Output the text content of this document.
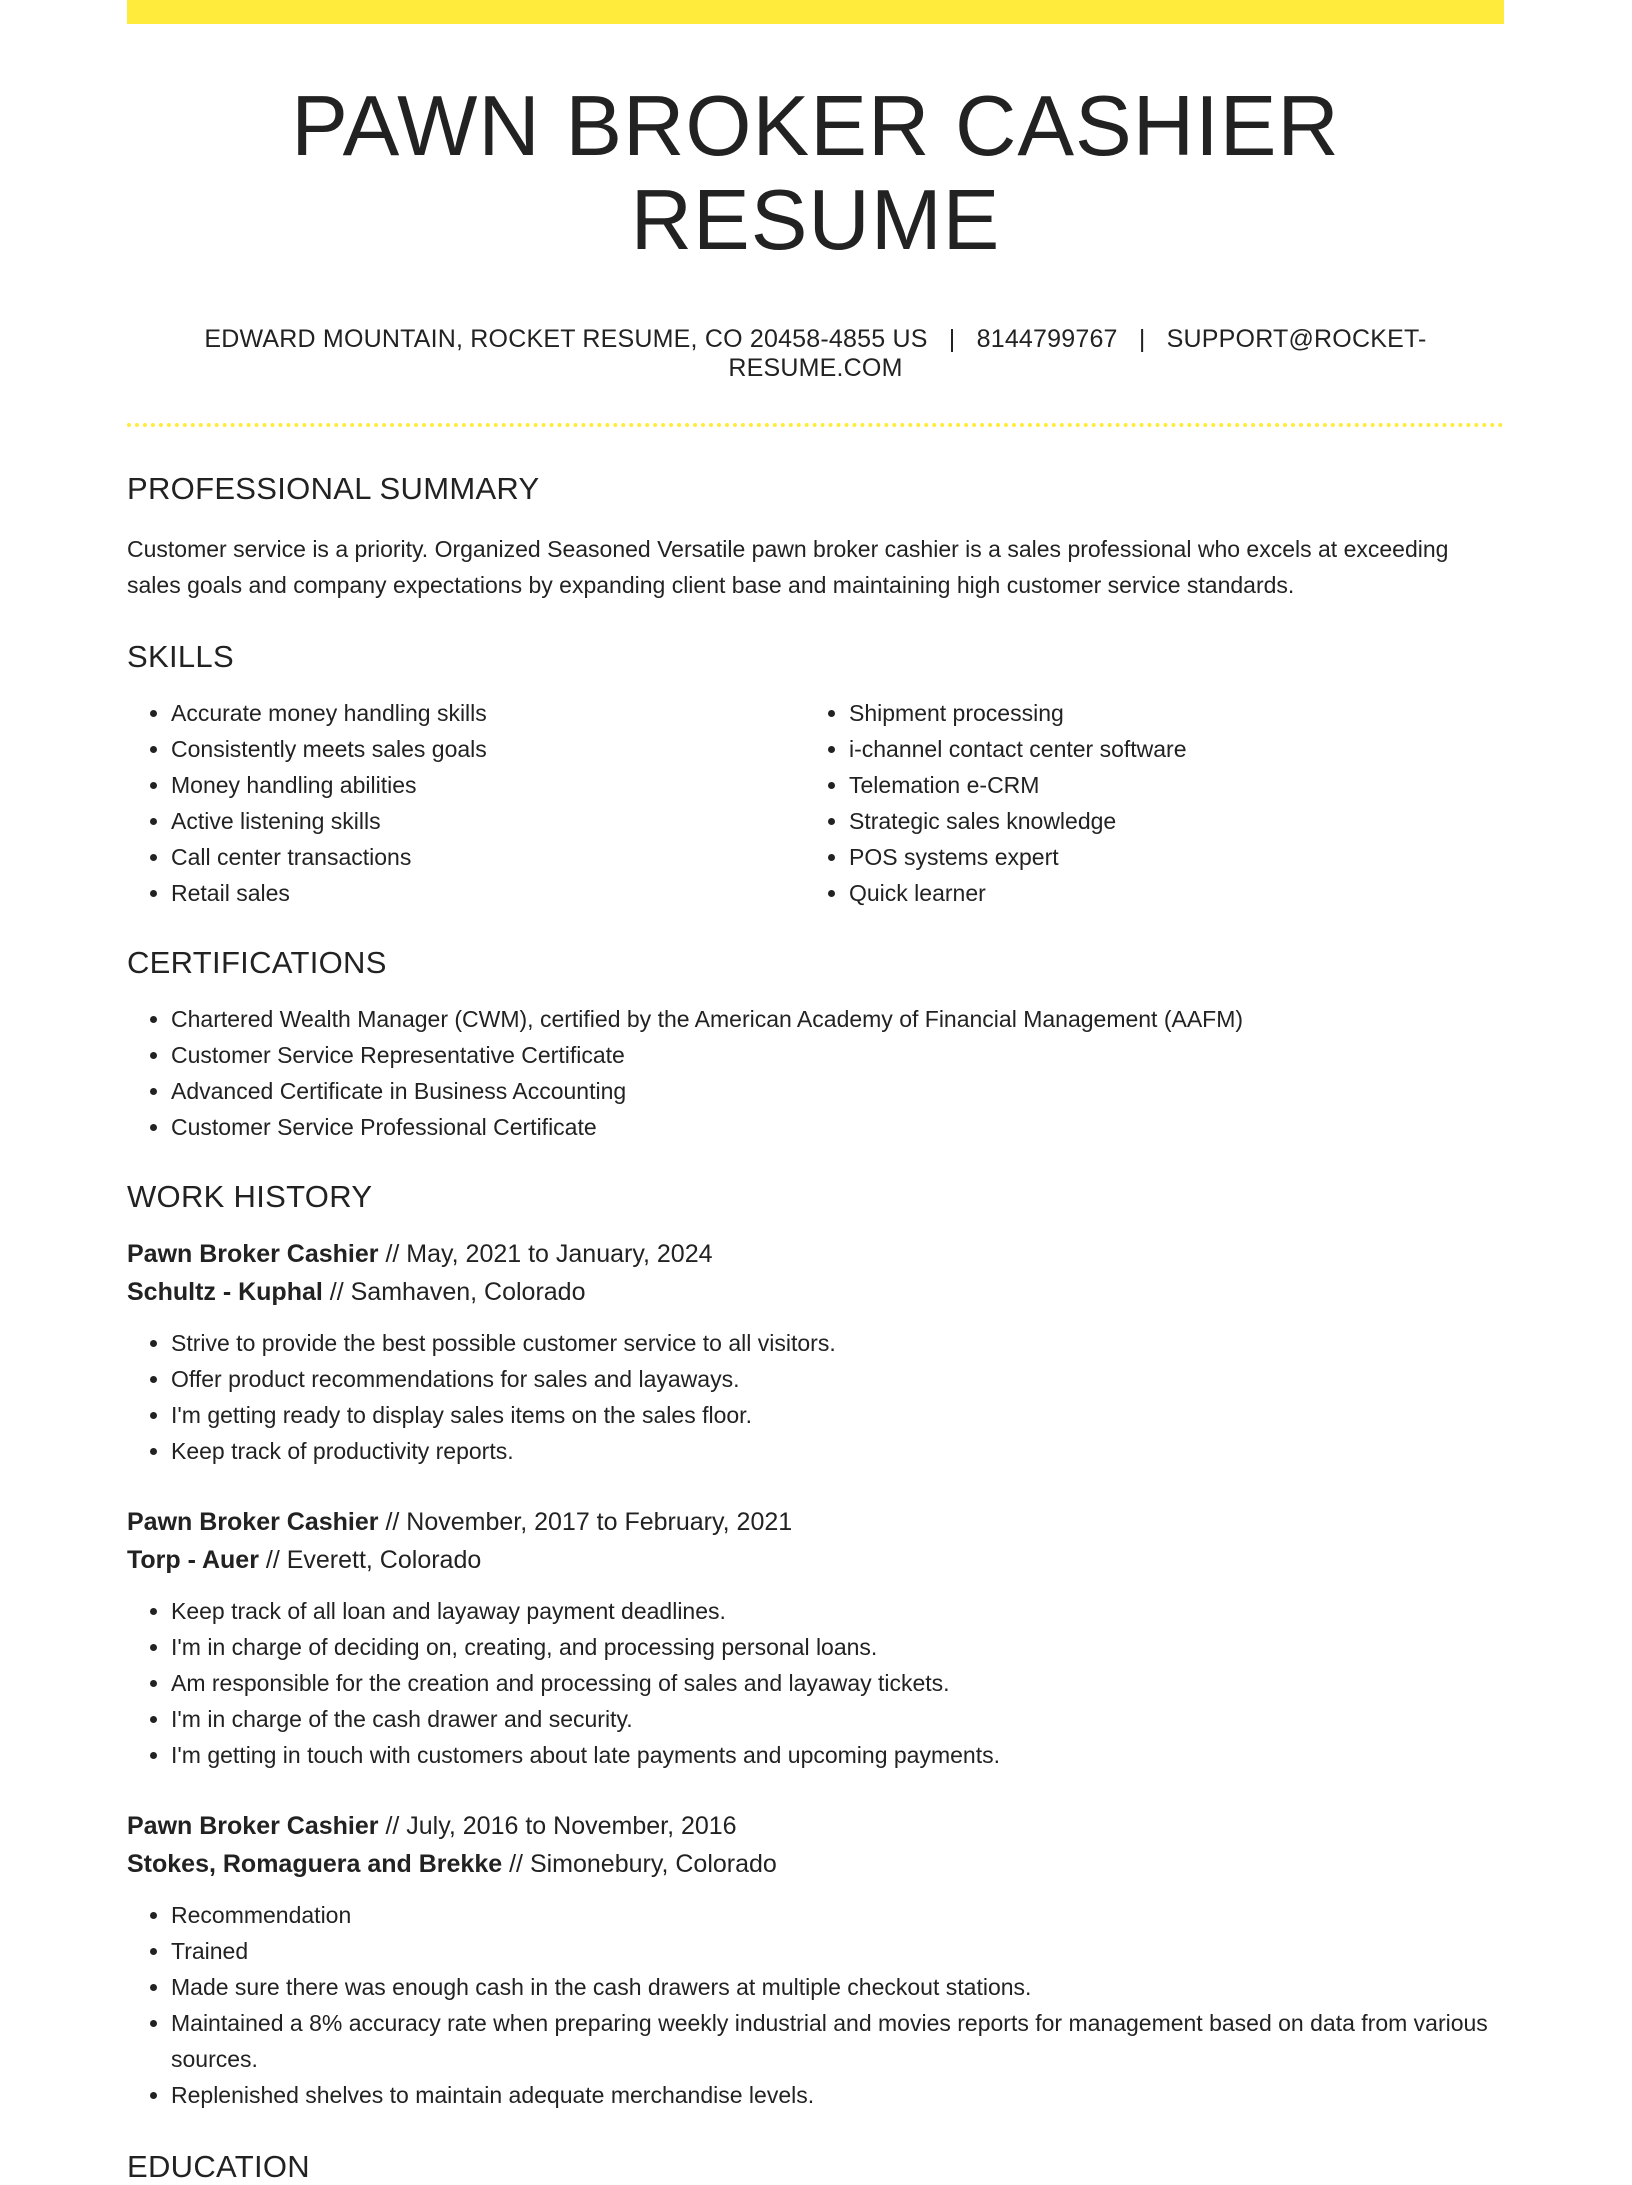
PAWN BROKER CASHIER RESUME
EDWARD MOUNTAIN, ROCKET RESUME, CO 20458-4855 US | 8144799767 | SUPPORT@ROCKET-RESUME.COM
PROFESSIONAL SUMMARY
Customer service is a priority. Organized Seasoned Versatile pawn broker cashier is a sales professional who excels at exceeding sales goals and company expectations by expanding client base and maintaining high customer service standards.
SKILLS
• Accurate money handling skills
• Consistently meets sales goals
• Money handling abilities
• Active listening skills
• Call center transactions
• Retail sales
• Shipment processing
• i-channel contact center software
• Telemation e-CRM
• Strategic sales knowledge
• POS systems expert
• Quick learner
CERTIFICATIONS
• Chartered Wealth Manager (CWM), certified by the American Academy of Financial Management (AAFM)
• Customer Service Representative Certificate
• Advanced Certificate in Business Accounting
• Customer Service Professional Certificate
WORK HISTORY
Pawn Broker Cashier // May, 2021 to January, 2024
Schultz - Kuphal // Samhaven, Colorado
• Strive to provide the best possible customer service to all visitors.
• Offer product recommendations for sales and layaways.
• I'm getting ready to display sales items on the sales floor.
• Keep track of productivity reports.
Pawn Broker Cashier // November, 2017 to February, 2021
Torp - Auer // Everett, Colorado
• Keep track of all loan and layaway payment deadlines.
• I'm in charge of deciding on, creating, and processing personal loans.
• Am responsible for the creation and processing of sales and layaway tickets.
• I'm in charge of the cash drawer and security.
• I'm getting in touch with customers about late payments and upcoming payments.
Pawn Broker Cashier // July, 2016 to November, 2016
Stokes, Romaguera and Brekke // Simonebury, Colorado
• Recommendation
• Trained
• Made sure there was enough cash in the cash drawers at multiple checkout stations.
• Maintained a 8% accuracy rate when preparing weekly industrial and movies reports for management based on data from various sources.
• Replenished shelves to maintain adequate merchandise levels.
EDUCATION
